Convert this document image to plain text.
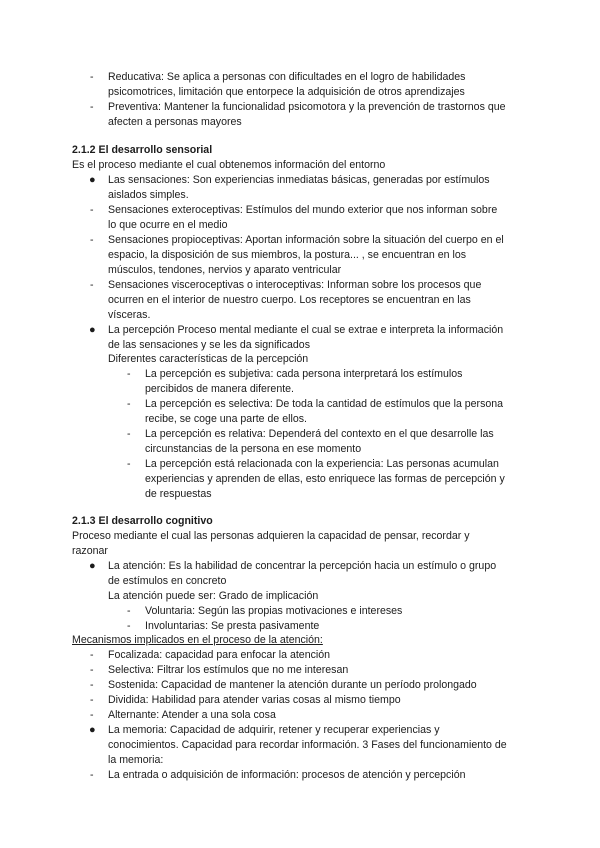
- Reducativa: Se aplica a personas con dificultades en el logro de habilidades
psicomotrices, limitación que entorpece la adquisición de otros aprendizajes
- Preventiva: Mantener la funcionalidad psicomotora y la prevención de trastornos que
afecten a personas mayores
2.1.2 El desarrollo sensorial
Es el proceso mediante el cual obtenemos información del entorno
● Las sensaciones: Son experiencias inmediatas básicas, generadas por estímulos
aislados simples.
- Sensaciones exteroceptivas: Estímulos del mundo exterior que nos informan sobre
lo que ocurre en el medio
- Sensaciones propioceptivas: Aportan información sobre la situación del cuerpo en el
espacio, la disposición de sus miembros, la postura... , se encuentran en los
músculos, tendones, nervios y aparato ventricular
- Sensaciones visceroceptivas o interoceptivas: Informan sobre los procesos que
ocurren en el interior de nuestro cuerpo. Los receptores se encuentran en las
vísceras.
● La percepción Proceso mental mediante el cual se extrae e interpreta la información
de las sensaciones y se les da significados
Diferentes características de la percepción
- La percepción es subjetiva: cada persona interpretará los estímulos
percibidos de manera diferente.
- La percepción es selectiva: De toda la cantidad de estímulos que la persona
recibe, se coge una parte de ellos.
- La percepción es relativa: Dependerá del contexto en el que desarrolle las
circunstancias de la persona en ese momento
- La percepción está relacionada con la experiencia: Las personas acumulan
experiencias y aprenden de ellas, esto enriquece las formas de percepción y
de respuestas
2.1.3 El desarrollo cognitivo
Proceso mediante el cual las personas adquieren la capacidad de pensar, recordar y
razonar
● La atención: Es la habilidad de concentrar la percepción hacia un estímulo o grupo
de estímulos en concreto
La atención puede ser: Grado de implicación
- Voluntaria: Según las propias motivaciones e intereses
- Involuntarias: Se presta pasivamente
Mecanismos implicados en el proceso de la atención:
- Focalizada: capacidad para enfocar la atención
- Selectiva: Filtrar los estímulos que no me interesan
- Sostenida: Capacidad de mantener la atención durante un período prolongado
- Dividida: Habilidad para atender varias cosas al mismo tiempo
- Alternante: Atender a una sola cosa
● La memoria: Capacidad de adquirir, retener y recuperar experiencias y
conocimientos. Capacidad para recordar información. 3 Fases del funcionamiento de
la memoria:
- La entrada o adquisición de información: procesos de atención y percepción
